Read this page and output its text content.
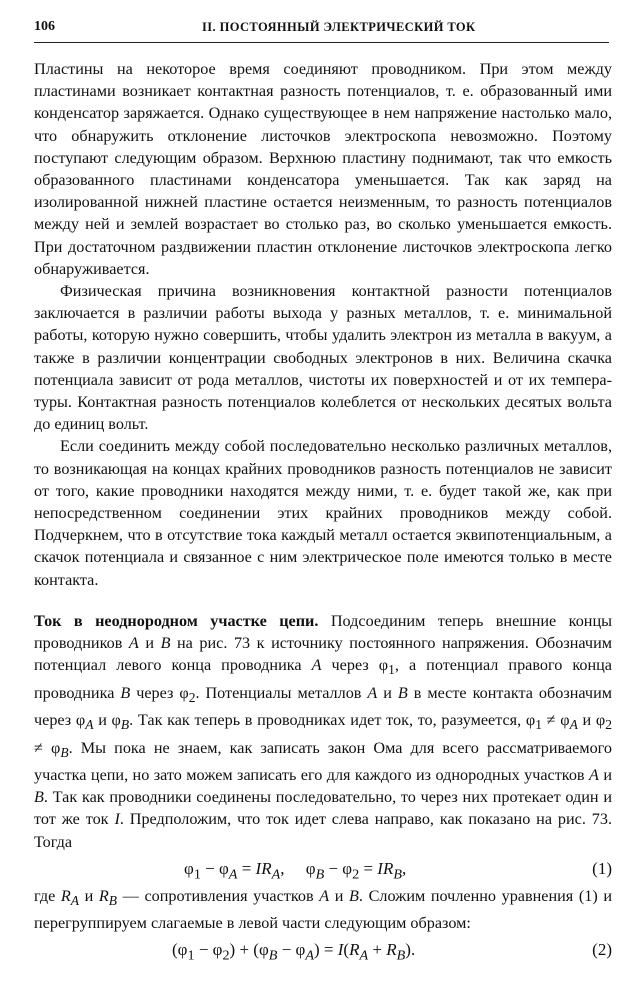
106	II. ПОСТОЯННЫЙ ЭЛЕКТРИЧЕСКИЙ ТОК

Пластины на некоторое время соединяют проводником. При этом между пластинами возникает контактная разность потенциалов, т. е. образованный ими конденсатор заряжается. Однако существующее в нем напряжение настолько мало, что обнаружить отклонение листочков электроскопа невозможно. Поэтому поступают следующим образом. Верхнюю пластину поднимают, так что емкость образованного пластинами конденсатора уменьшается. Так как заряд на изолированной нижней пластине остается неизменным, то разность потенциалов между ней и землей возрастает во столько раз, во сколько уменьшается емкость. При достаточном раздвижении пластин отклонение листочков электроскопа легко обнаруживается.

Физическая причина возникновения контактной разности потенциалов заключается в различии работы выхода у разных металлов, т. е. минимальной работы, которую нужно совершить, чтобы удалить электрон из металла в вакуум, а также в различии концентрации свободных электронов в них. Величина скачка потенциала зависит от рода металлов, чистоты их поверхностей и от их температуры. Контактная разность потенциалов колеблется от нескольких десятых вольта до единиц вольт.

Если соединить между собой последовательно несколько различных металлов, то возникающая на концах крайних проводников разность потенциалов не зависит от того, какие проводники находятся между ними, т. е. будет такой же, как при непосредственном соединении этих крайних проводников между собой. Подчеркнем, что в отсутствие тока каждый металл остается эквипотенциальным, а скачок потенциала и связанное с ним электрическое поле имеются только в месте контакта.

Ток в неоднородном участке цепи. Подсоединим теперь внешние концы проводников A и B на рис. 73 к источнику постоянного напряжения. Обозначим потенциал левого конца проводника A через $\varphi_1$, а потенциал правого конца проводника B через $\varphi_2$. Потенциалы металлов A и B в месте контакта обозначим через $\varphi_A$ и $\varphi_B$. Так как теперь в проводниках идет ток, то, разумеется, $\varphi_1 \ne \varphi_A$ и $\varphi_2 \ne \varphi_B$. Мы пока не знаем, как записать закон Ома для всего рассматриваемого участка цепи, но зато можем записать его для каждого из однородных участков A и B. Так как проводники соединены последовательно, то через них протекает один и тот же ток I. Предположим, что ток идет слева направо, как показано на рис. 73. Тогда

$\varphi_1 - \varphi_A = IR_A$,     $\varphi_B - \varphi_2 = IR_B$,	(1)

где $R_A$ и $R_B$ — сопротивления участков A и B. Сложим почленно уравнения (1) и перегруппируем слагаемые в левой части следующим образом:

$(\varphi_1 - \varphi_2) + (\varphi_B - \varphi_A) = I(R_A + R_B)$.	(2)
